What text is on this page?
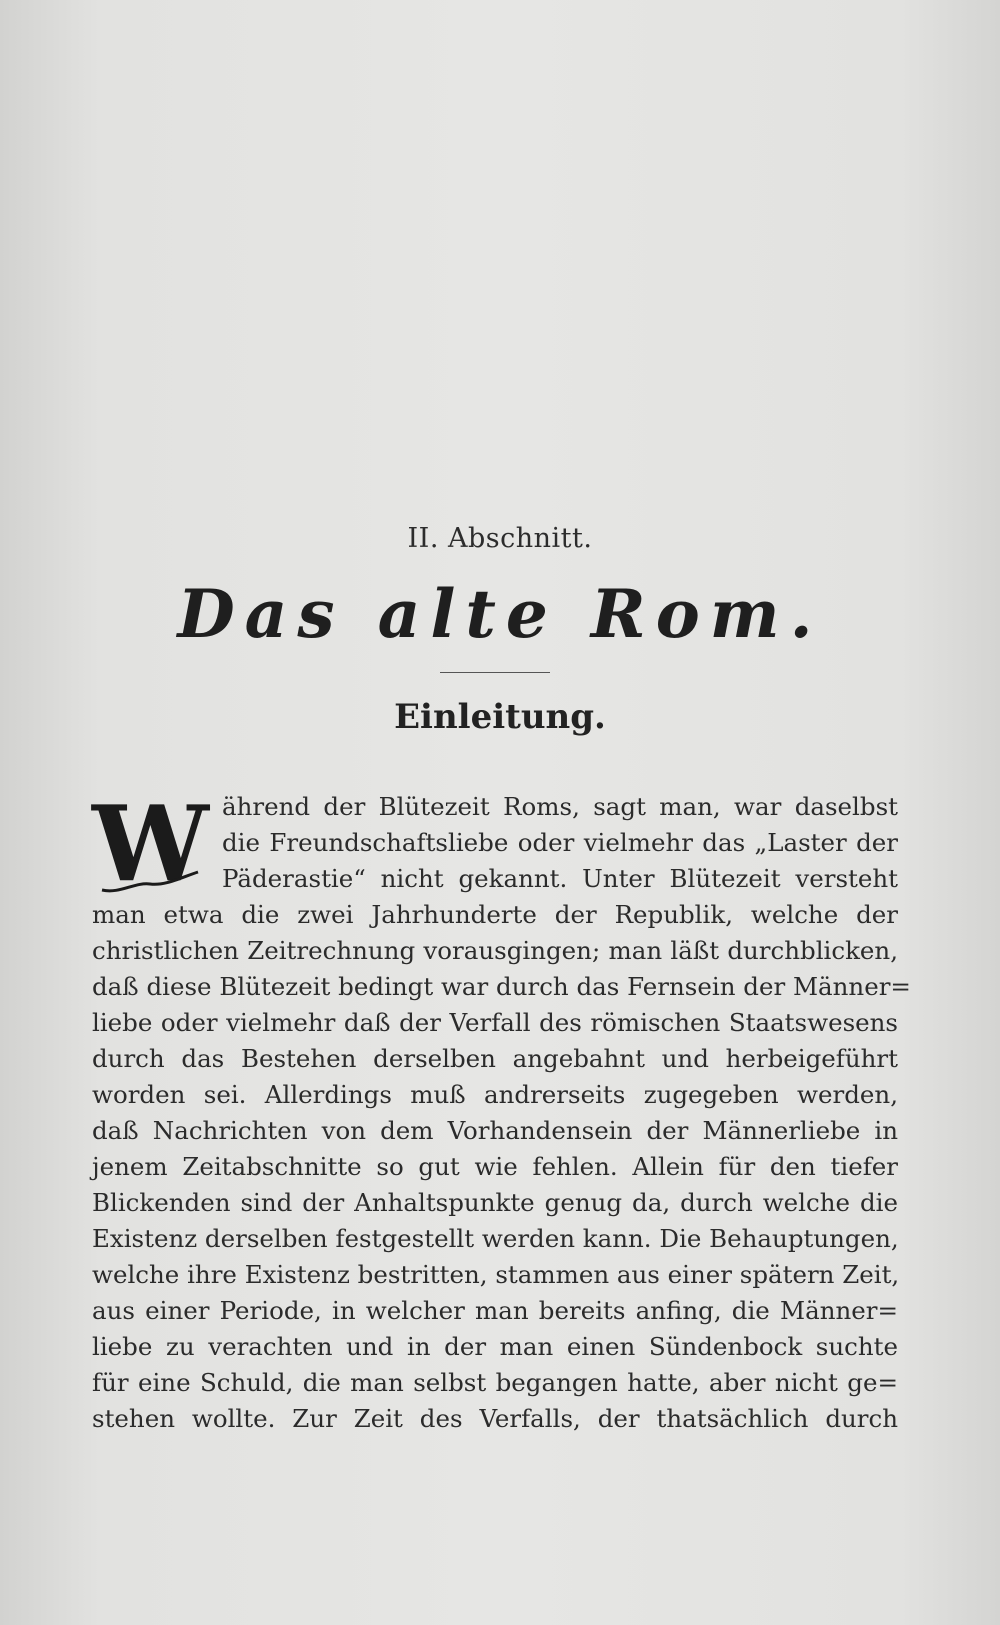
II. Abschnitt.
Das alte Rom.
Einleitung.
W ährend der Blütezeit Roms, sagt man, war daselbst
die Freundschaftsliebe oder vielmehr das „Laster der
Päderastie“ nicht gekannt. Unter Blütezeit versteht
man etwa die zwei Jahrhunderte der Republik, welche der
christlichen Zeitrechnung vorausgingen; man läßt durchblicken,
daß diese Blütezeit bedingt war durch das Fernsein der Männer=
liebe oder vielmehr daß der Verfall des römischen Staatswesens
durch das Bestehen derselben angebahnt und herbeigeführt
worden sei. Allerdings muß andrerseits zugegeben werden,
daß Nachrichten von dem Vorhandensein der Männerliebe in
jenem Zeitabschnitte so gut wie fehlen. Allein für den tiefer
Blickenden sind der Anhaltspunkte genug da, durch welche die
Existenz derselben festgestellt werden kann. Die Behauptungen,
welche ihre Existenz bestritten, stammen aus einer spätern Zeit,
aus einer Periode, in welcher man bereits anfing, die Männer=
liebe zu verachten und in der man einen Sündenbock suchte
für eine Schuld, die man selbst begangen hatte, aber nicht ge=
stehen wollte. Zur Zeit des Verfalls, der thatsächlich durch
